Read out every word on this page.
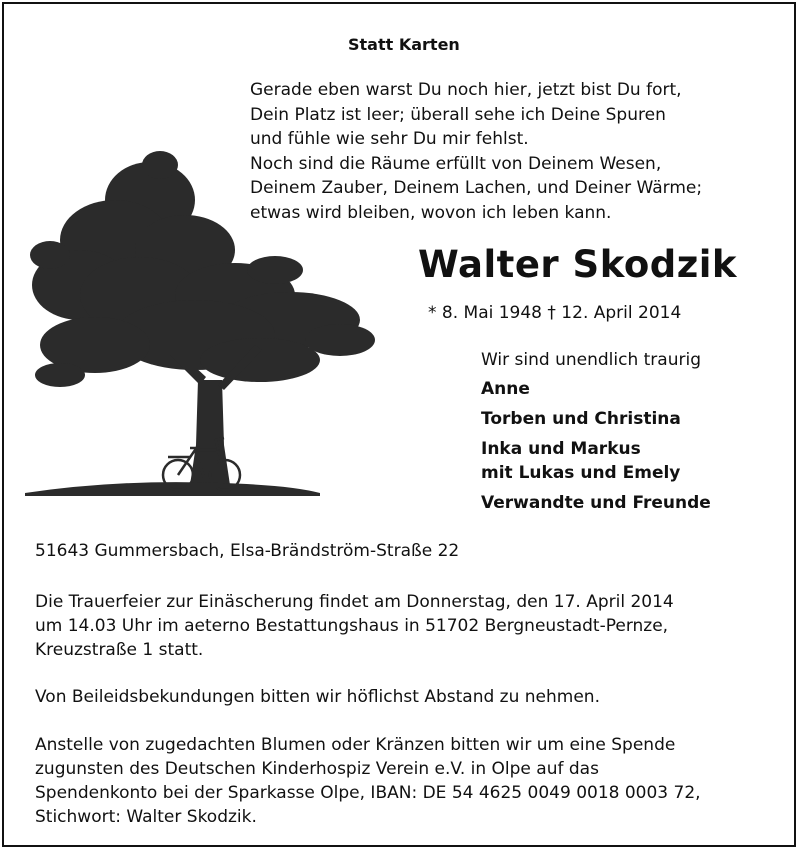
Statt Karten
Gerade eben warst Du noch hier, jetzt bist Du fort,
Dein Platz ist leer; überall sehe ich Deine Spuren
und fühle wie sehr Du mir fehlst.
Noch sind die Räume erfüllt von Deinem Wesen,
Deinem Zauber, Deinem Lachen, und Deiner Wärme;
etwas wird bleiben, wovon ich leben kann.
Walter Skodzik
* 8. Mai 1948 † 12. April 2014
Wir sind unendlich traurig
Anne
Torben und Christina
Inka und Markus
mit Lukas und Emely
Verwandte und Freunde
51643 Gummersbach, Elsa-Brändström-Straße 22
Die Trauerfeier zur Einäscherung findet am Donnerstag, den 17. April 2014
um 14.03 Uhr im aeterno Bestattungshaus in 51702 Bergneustadt-Pernze,
Kreuzstraße 1 statt.
Von Beileidsbekundungen bitten wir höflichst Abstand zu nehmen.
Anstelle von zugedachten Blumen oder Kränzen bitten wir um eine Spende
zugunsten des Deutschen Kinderhospiz Verein e.V. in Olpe auf das
Spendenkonto bei der Sparkasse Olpe, IBAN: DE 54 4625 0049 0018 0003 72,
Stichwort: Walter Skodzik.
